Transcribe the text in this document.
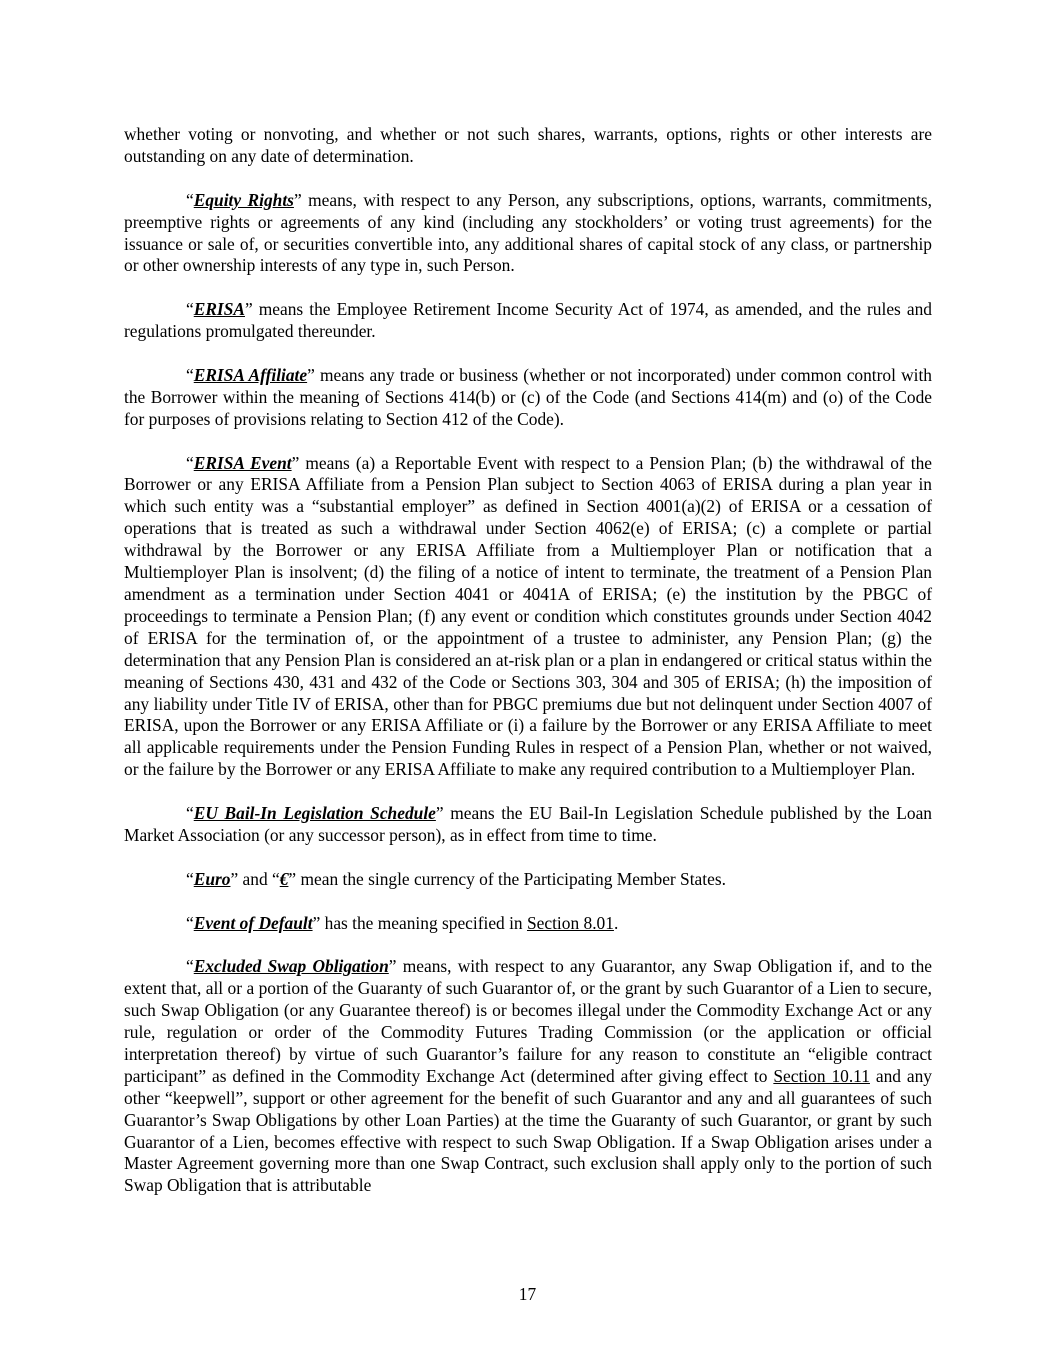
whether voting or nonvoting, and whether or not such shares, warrants, options, rights or other interests are outstanding on any date of determination.

“Equity Rights” means, with respect to any Person, any subscriptions, options, warrants, commitments, preemptive rights or agreements of any kind (including any stockholders’ or voting trust agreements) for the issuance or sale of, or securities convertible into, any additional shares of capital stock of any class, or partnership or other ownership interests of any type in, such Person.

“ERISA” means the Employee Retirement Income Security Act of 1974, as amended, and the rules and regulations promulgated thereunder.

“ERISA Affiliate” means any trade or business (whether or not incorporated) under common control with the Borrower within the meaning of Sections 414(b) or (c) of the Code (and Sections 414(m) and (o) of the Code for purposes of provisions relating to Section 412 of the Code).

“ERISA Event” means (a) a Reportable Event with respect to a Pension Plan; (b) the withdrawal of the Borrower or any ERISA Affiliate from a Pension Plan subject to Section 4063 of ERISA during a plan year in which such entity was a “substantial employer” as defined in Section 4001(a)(2) of ERISA or a cessation of operations that is treated as such a withdrawal under Section 4062(e) of ERISA; (c) a complete or partial withdrawal by the Borrower or any ERISA Affiliate from a Multiemployer Plan or notification that a Multiemployer Plan is insolvent; (d) the filing of a notice of intent to terminate, the treatment of a Pension Plan amendment as a termination under Section 4041 or 4041A of ERISA; (e) the institution by the PBGC of proceedings to terminate a Pension Plan; (f) any event or condition which constitutes grounds under Section 4042 of ERISA for the termination of, or the appointment of a trustee to administer, any Pension Plan; (g) the determination that any Pension Plan is considered an at-risk plan or a plan in endangered or critical status within the meaning of Sections 430, 431 and 432 of the Code or Sections 303, 304 and 305 of ERISA; (h) the imposition of any liability under Title IV of ERISA, other than for PBGC premiums due but not delinquent under Section 4007 of ERISA, upon the Borrower or any ERISA Affiliate or (i) a failure by the Borrower or any ERISA Affiliate to meet all applicable requirements under the Pension Funding Rules in respect of a Pension Plan, whether or not waived, or the failure by the Borrower or any ERISA Affiliate to make any required contribution to a Multiemployer Plan.

“EU Bail-In Legislation Schedule” means the EU Bail-In Legislation Schedule published by the Loan Market Association (or any successor person), as in effect from time to time.

“Euro” and “€” mean the single currency of the Participating Member States.

“Event of Default” has the meaning specified in Section 8.01.

“Excluded Swap Obligation” means, with respect to any Guarantor, any Swap Obligation if, and to the extent that, all or a portion of the Guaranty of such Guarantor of, or the grant by such Guarantor of a Lien to secure, such Swap Obligation (or any Guarantee thereof) is or becomes illegal under the Commodity Exchange Act or any rule, regulation or order of the Commodity Futures Trading Commission (or the application or official interpretation thereof) by virtue of such Guarantor’s failure for any reason to constitute an “eligible contract participant” as defined in the Commodity Exchange Act (determined after giving effect to Section 10.11 and any other “keepwell”, support or other agreement for the benefit of such Guarantor and any and all guarantees of such Guarantor’s Swap Obligations by other Loan Parties) at the time the Guaranty of such Guarantor, or grant by such Guarantor of a Lien, becomes effective with respect to such Swap Obligation. If a Swap Obligation arises under a Master Agreement governing more than one Swap Contract, such exclusion shall apply only to the portion of such Swap Obligation that is attributable

17
